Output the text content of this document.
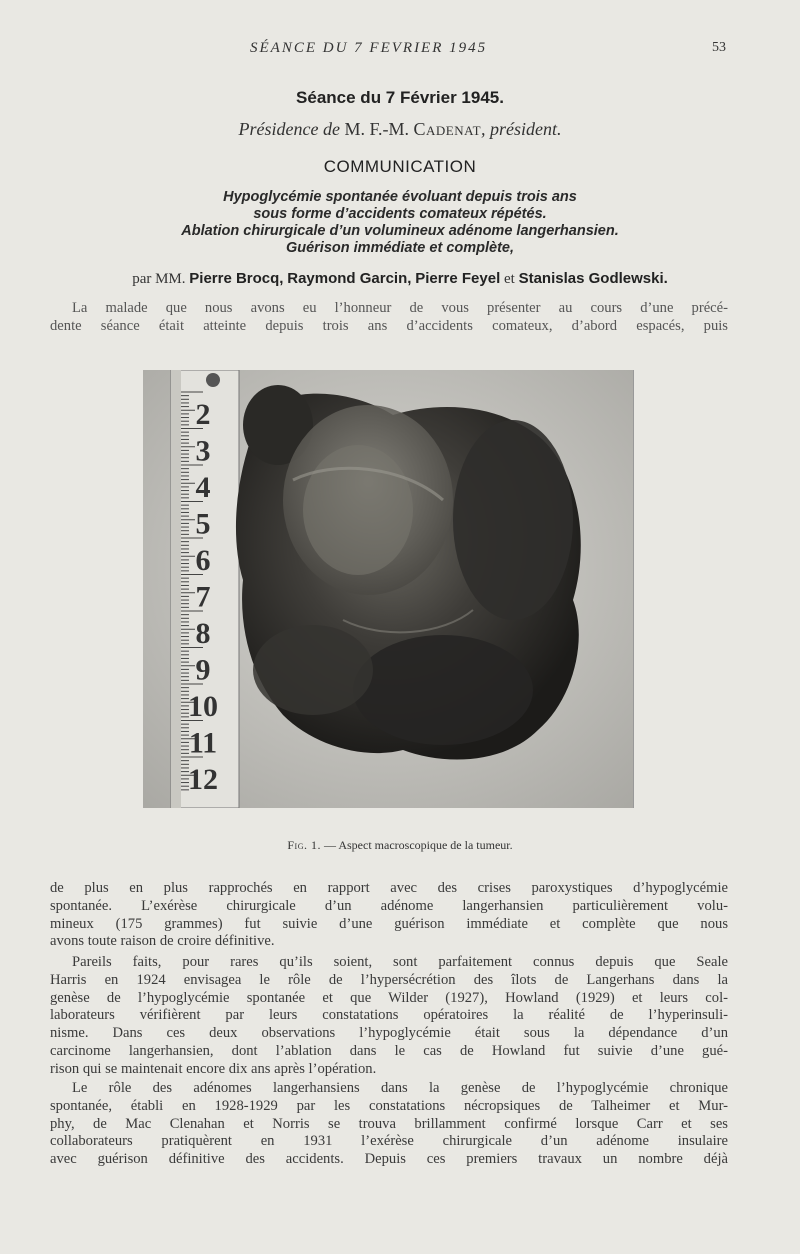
SÉANCE DU 7 FEVRIER 1945	53
Séance du 7 Février 1945.
Présidence de M. F.-M. Cadenat, président.
COMMUNICATION
Hypoglycémie spontanée évoluant depuis trois ans
sous forme d’accidents comateux répétés.
Ablation chirurgicale d’un volumineux adénome langerhansien.
Guérison immédiate et complète,
par MM. Pierre Brocq, Raymond Garcin, Pierre Feyel et Stanislas Godlewski.
La malade que nous avons eu l’honneur de vous présenter au cours d’une précé-
dente séance était atteinte depuis trois ans d’accidents comateux, d’abord espacés, puis
2
3
4
5
6
7
8
9
10
11
12
Fig. 1. — Aspect macroscopique de la tumeur.
de plus en plus rapprochés en rapport avec des crises paroxystiques d’hypoglycémie
spontanée. L’exérèse chirurgicale d’un adénome langerhansien particulièrement volu-
mineux (175 grammes) fut suivie d’une guérison immédiate et complète que nous
avons toute raison de croire définitive.
Pareils faits, pour rares qu’ils soient, sont parfaitement connus depuis que Seale
Harris en 1924 envisagea le rôle de l’hypersécrétion des îlots de Langerhans dans la
genèse de l’hypoglycémie spontanée et que Wilder (1927), Howland (1929) et leurs col-
laborateurs vérifièrent par leurs constatations opératoires la réalité de l’hyperinsuli-
nisme. Dans ces deux observations l’hypoglycémie était sous la dépendance d’un
carcinome langerhansien, dont l’ablation dans le cas de Howland fut suivie d’une gué-
rison qui se maintenait encore dix ans après l’opération.
Le rôle des adénomes langerhansiens dans la genèse de l’hypoglycémie chronique
spontanée, établi en 1928-1929 par les constatations nécropsiques de Talheimer et Mur-
phy, de Mac Clenahan et Norris se trouva brillamment confirmé lorsque Carr et ses
collaborateurs pratiquèrent en 1931 l’exérèse chirurgicale d’un adénome insulaire
avec guérison définitive des accidents. Depuis ces premiers travaux un nombre déjà
